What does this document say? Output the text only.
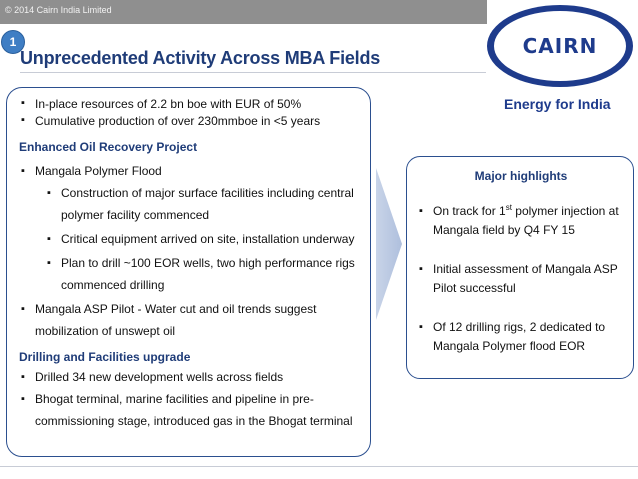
© 2014 Cairn India Limited
1
Unprecedented Activity Across MBA Fields	CAIRN
Energy for India
▪ In-place resources of 2.2 bn boe with EUR of 50%
▪ Cumulative production of over 230mmboe in <5 years
Enhanced Oil Recovery Project
▪ Mangala Polymer Flood
▪ Construction of major surface facilities including central polymer facility commenced
▪ Critical equipment arrived on site, installation underway
▪ Plan to drill ~100 EOR wells, two high performance rigs commenced drilling
▪ Mangala ASP Pilot - Water cut and oil trends suggest mobilization of unswept oil
Drilling and Facilities upgrade
▪ Drilled 34 new development wells across fields
▪ Bhogat terminal, marine facilities and pipeline in pre-commissioning stage, introduced gas in the Bhogat terminal
Major highlights
▪ On track for 1st polymer injection at Mangala field by Q4 FY 15
▪ Initial assessment of Mangala ASP Pilot successful
▪ Of 12 drilling rigs, 2 dedicated to Mangala Polymer flood EOR
